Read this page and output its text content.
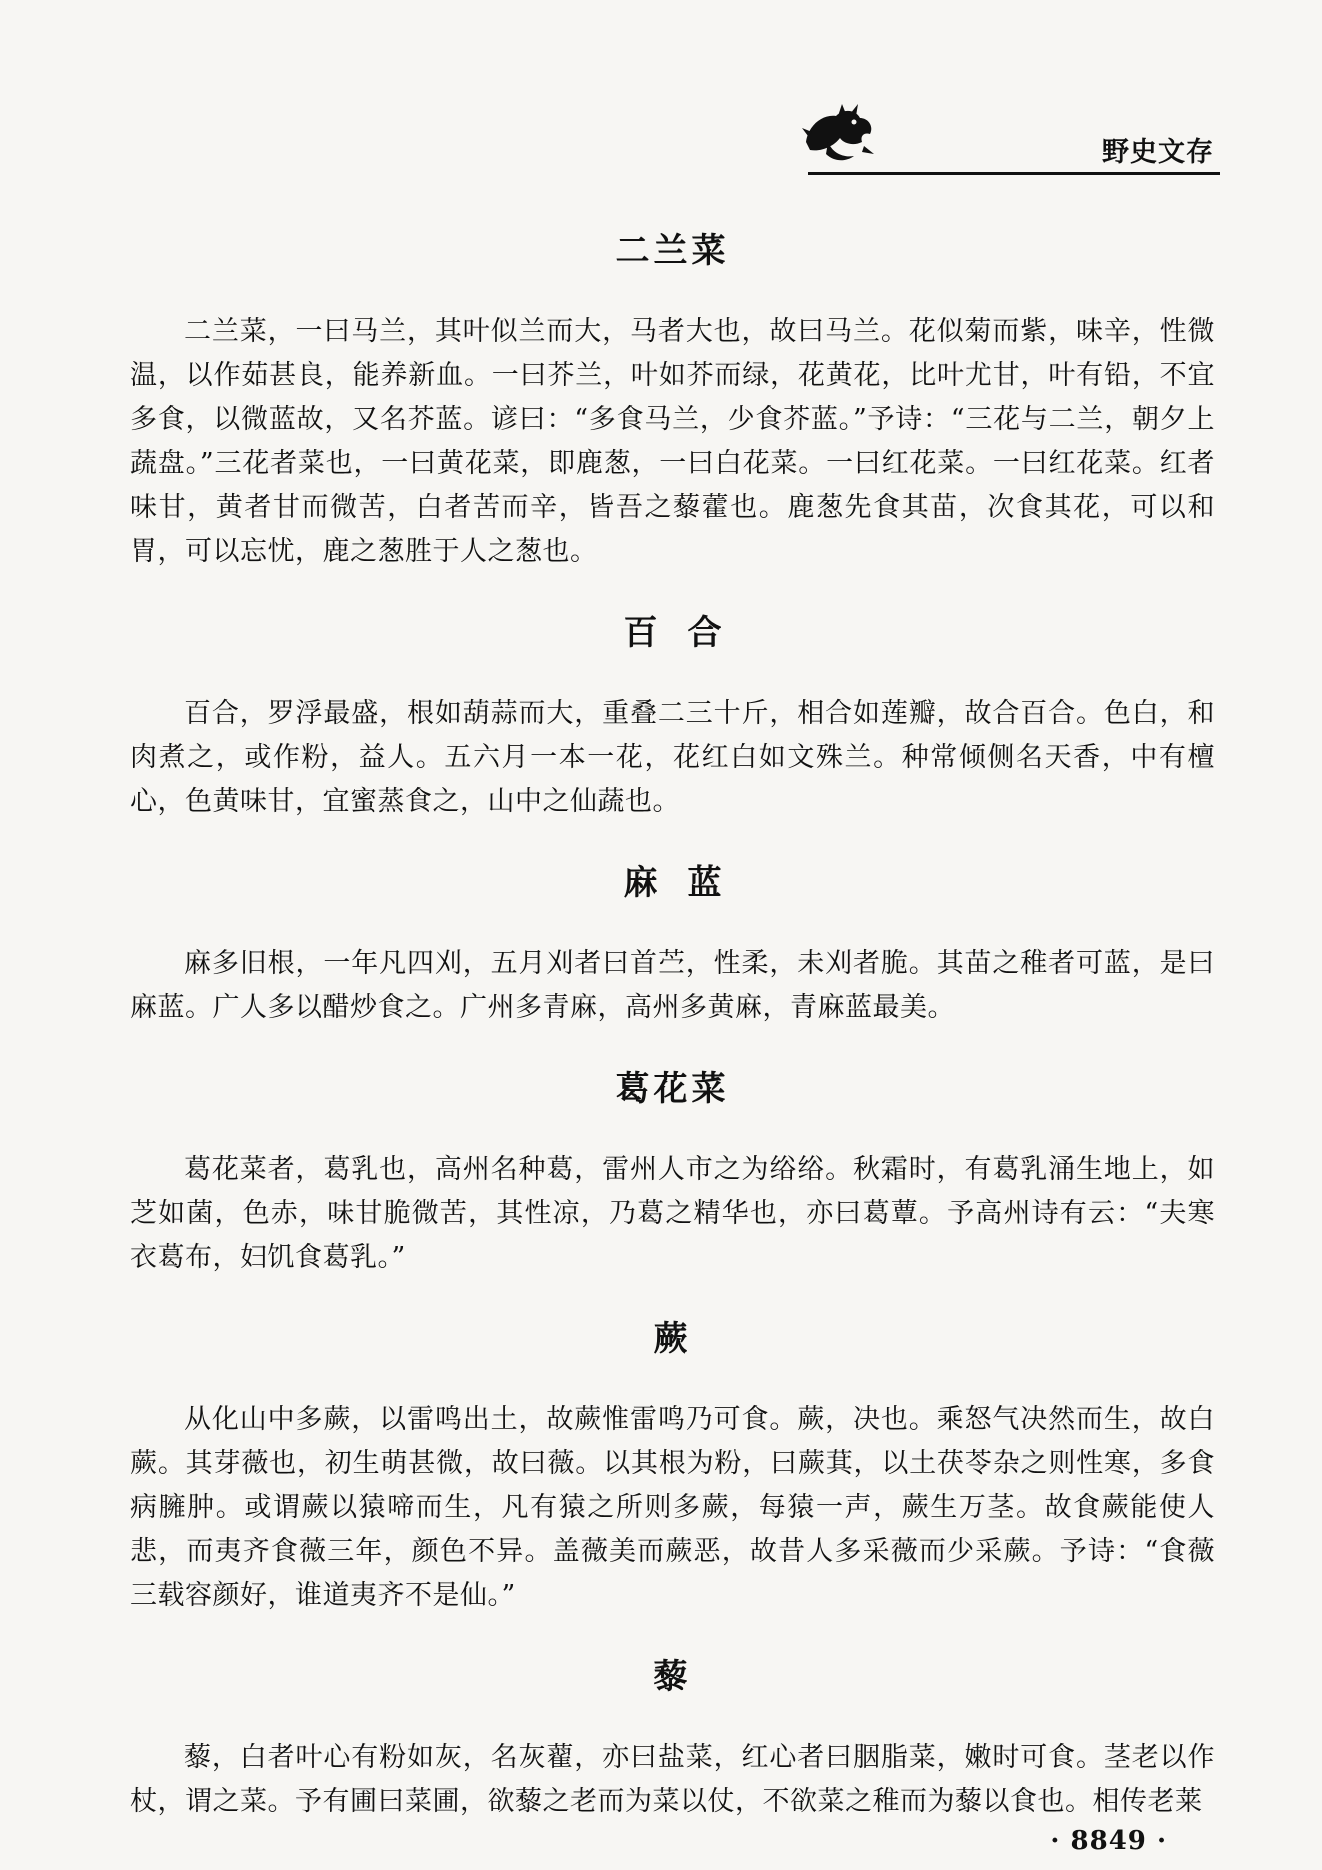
野史文存
二兰菜

二兰菜，一曰马兰，其叶似兰而大，马者大也，故曰马兰。花似菊而紫，味辛，性微温，以作茹甚良，能养新血。一曰芥兰，叶如芥而绿，花黄花，比叶尤甘，叶有铅，不宜多食，以微蓝故，又名芥蓝。谚曰：“多食马兰，少食芥蓝。”予诗：“三花与二兰，朝夕上蔬盘。”三花者菜也，一曰黄花菜，即鹿葱，一曰白花菜。一曰红花菜。一曰红花菜。红者味甘，黄者甘而微苦，白者苦而辛，皆吾之藜藿也。鹿葱先食其苗，次食其花，可以和胃，可以忘忧，鹿之葱胜于人之葱也。

百合

百合，罗浮最盛，根如葫蒜而大，重叠二三十斤，相合如莲瓣，故合百合。色白，和肉煮之，或作粉，益人。五六月一本一花，花红白如文殊兰。种常倾侧名天香，中有檀心，色黄味甘，宜蜜蒸食之，山中之仙蔬也。

麻蓝

麻多旧根，一年凡四刈，五月刈者曰首苎，性柔，未刈者脆。其苗之稚者可蓝，是曰麻蓝。广人多以醋炒食之。广州多青麻，高州多黄麻，青麻蓝最美。

葛花菜

葛花菜者，葛乳也，高州名种葛，雷州人市之为绤绤。秋霜时，有葛乳涌生地上，如芝如菌，色赤，味甘脆微苦，其性凉，乃葛之精华也，亦曰葛蕈。予高州诗有云：“夫寒衣葛布，妇饥食葛乳。”

蕨

从化山中多蕨，以雷鸣出土，故蕨惟雷鸣乃可食。蕨，决也。乘怒气决然而生，故白蕨。其芽薇也，初生萌甚微，故曰薇。以其根为粉，曰蕨萁，以土茯苓杂之则性寒，多食病臃肿。或谓蕨以猿啼而生，凡有猿之所则多蕨，每猿一声，蕨生万茎。故食蕨能使人悲，而夷齐食薇三年，颜色不异。盖薇美而蕨恶，故昔人多采薇而少采蕨。予诗：“食薇三载容颜好，谁道夷齐不是仙。”

藜

藜，白者叶心有粉如灰，名灰藋，亦曰盐菜，红心者曰胭脂菜，嫩时可食。茎老以作杖，谓之菜。予有圃曰菜圃，欲藜之老而为菜以仗，不欲菜之稚而为藜以食也。相传老莱

· 8849 ·
